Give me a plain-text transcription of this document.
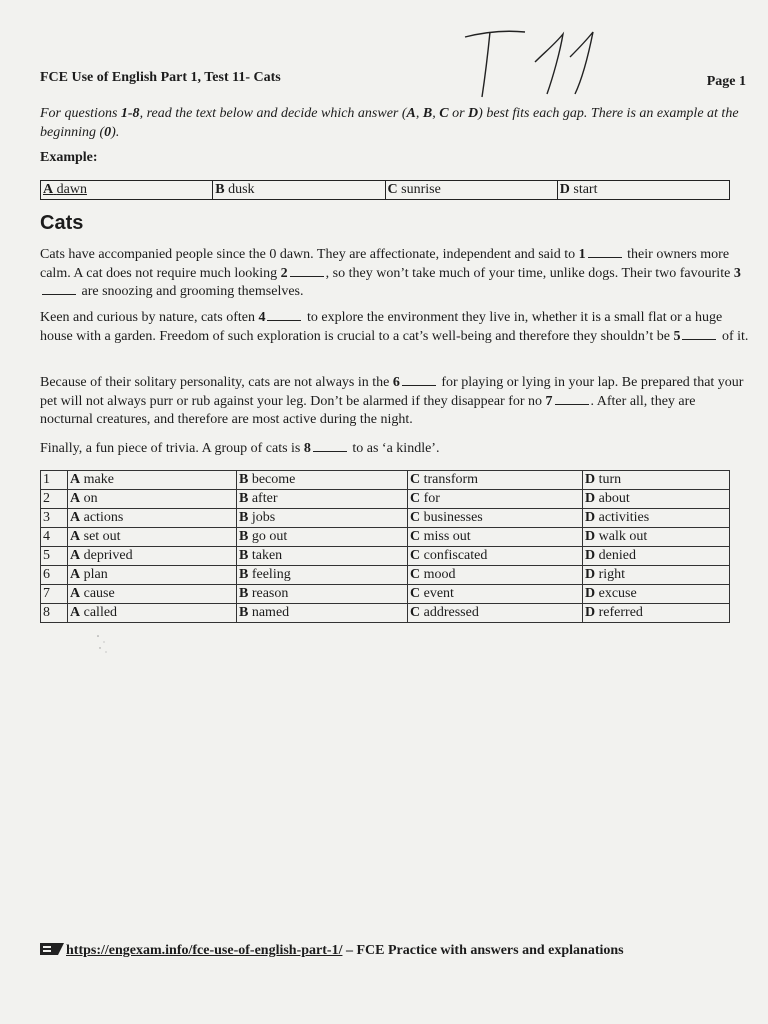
FCE Use of English Part 1, Test 11- Cats	Page 1
For questions 1-8, read the text below and decide which answer (A, B, C or D) best fits each gap. There is an example at the beginning (0).
Example:
A dawn	B dusk	C sunrise	D start
Cats
Cats have accompanied people since the 0 dawn. They are affectionate, independent and said to 1	their owners more calm. A cat does not require much looking 2	, so they won’t take much of your time, unlike dogs. Their two favourite 3 are snoozing and grooming themselves.
Keen and curious by nature, cats often 4	to explore the environment they live in, whether it is a small flat or a huge house with a garden. Freedom of such exploration is crucial to a cat’s well-being and therefore they shouldn’t be 5	of it.
Because of their solitary personality, cats are not always in the 6	for playing or lying in your lap. Be prepared that your pet will not always purr or rub against your leg. Don’t be alarmed if they disappear for no 7	. After all, they are nocturnal creatures, and therefore are most active during the night.
Finally, a fun piece of trivia. A group of cats is 8	to as ‘a kindle’.
1	A make	B become	C transform	D turn
2	A on	B after	C for	D about
3	A actions	B jobs	C businesses	D activities
4	A set out	B go out	C miss out	D walk out
5	A deprived	B taken	C confiscated	D denied
6	A plan	B feeling	C mood	D right
7	A cause	B reason	C event	D excuse
8	A called	B named	C addressed	D referred
https://engexam.info/fce-use-of-english-part-1/ – FCE Practice with answers and explanations
